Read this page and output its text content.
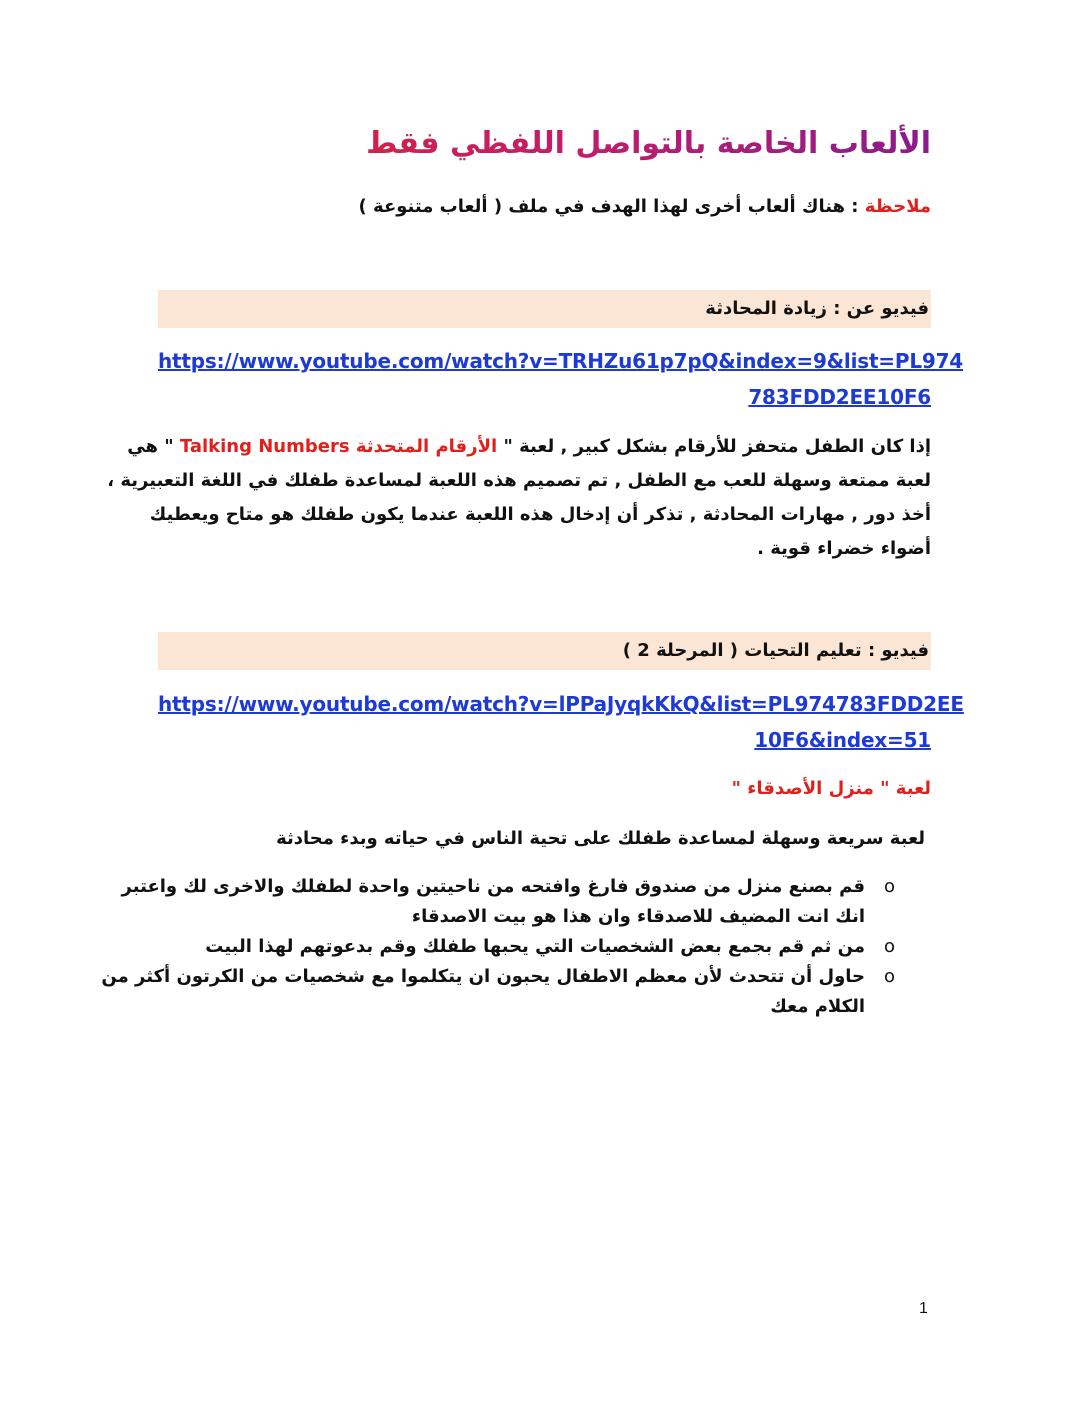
الألعاب الخاصة بالتواصل اللفظي فقط
ملاحظة : هناك ألعاب أخرى لهذا الهدف في ملف ( ألعاب متنوعة )
فيديو عن : زيادة المحادثة
https://www.youtube.com/watch?v=TRHZu61p7pQ&index=9&list=PL974
783FDD2EE10F6
إذا كان الطفل متحفز للأرقام بشكل كبير , لعبة " الأرقام المتحدثة Talking Numbers " هي
لعبة ممتعة وسهلة للعب مع الطفل , تم تصميم هذه اللعبة لمساعدة طفلك في اللغة التعبيرية ،
أخذ دور , مهارات المحادثة , تذكر أن إدخال هذه اللعبة عندما يكون طفلك هو متاح ويعطيك
أضواء خضراء قوية .
فيديو : تعليم التحيات ( المرحلة 2 )
https://www.youtube.com/watch?v=lPPaJyqkKkQ&list=PL974783FDD2EE
10F6&index=51
لعبة " منزل الأصدقاء "
لعبة سريعة وسهلة لمساعدة طفلك على تحية الناس في حياته وبدء محادثة
o
قم بصنع منزل من صندوق فارغ وافتحه من ناحيتين واحدة لطفلك والاخرى لك واعتبر
انك انت المضيف للاصدقاء وان هذا هو بيت الاصدقاء
o
من ثم قم بجمع بعض الشخصيات التي يحبها طفلك وقم بدعوتهم لهذا البيت
o
حاول أن تتحدث لأن معظم الاطفال يحبون ان يتكلموا مع شخصيات من الكرتون أكثر من
الكلام معك
1
